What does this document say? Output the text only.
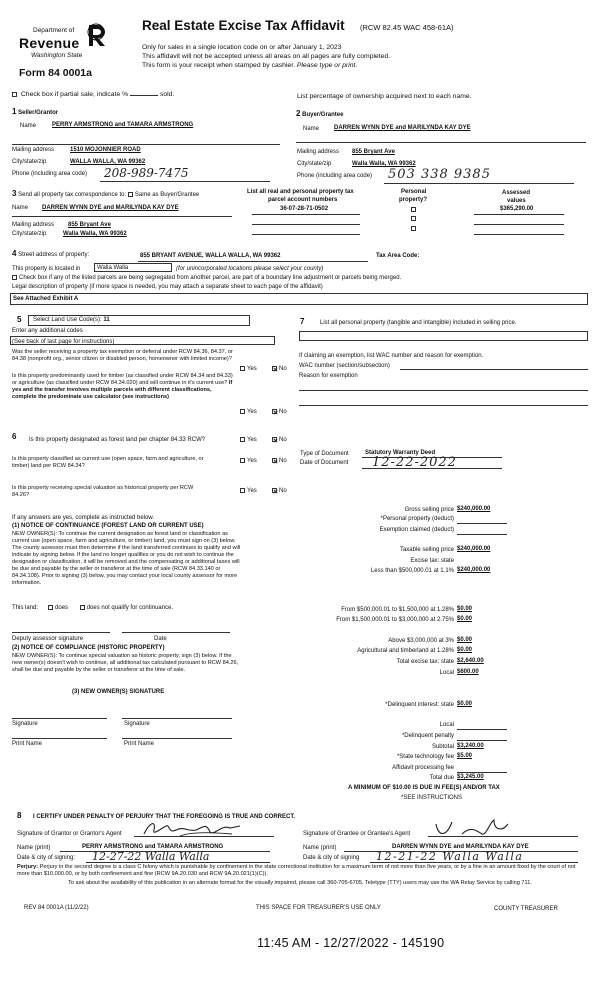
Department of
Revenue
Washington State
Form 84 0001a
Real Estate Excise Tax Affidavit (RCW 82.45 WAC 458-61A)
Only for sales in a single location code on or after January 1, 2023
This affidavit will not be accepted unless all areas on all pages are fully completed.
This form is your receipt when stamped by cashier. Please type or print.
Check box if partial sale, indicate %	sold.	List percentage of ownership acquired next to each name.
1 Seller/Grantor
Name	PERRY ARMSTRONG and TAMARA ARMSTRONG
Mailing address	1510 MOJONNIER ROAD
City/state/zip	WALLA WALLA, WA 99362
Phone (including area code) 208-989-7475
2 Buyer/Grantee
Name DARREN WYNN DYE and MARILYNDA KAY DYE
Mailing address 855 Bryant Ave
City/state/zip	Walla Walla, WA 99362
Phone (including area code) 503 338 9385
3 Send all property tax correspondence to: Same as Buyer/Grantee
Name DARREN WYNN DYE and MARILYNDA KAY DYE
Mailing address 855 Bryant Ave
City/state/zip	Walla Walla, WA 99362
List all real and personal property tax
parcel account numbers
36-07-28-71-0502
Personal
property?
Assessed
values
$365,290.00
4 Street address of property:	855 BRYANT AVENUE, WALLA WALLA, WA 99362	Tax Area Code:
This property is located in	Walla Walla	(for unincorporated locations please select your county)
Check box if any of the listed parcels are being segregated from another parcel, are part of a boundary line adjustment or parcels being merged.
Legal description of property (if more space is needed, you may attach a separate sheet to each page of the affidavit)
See Attached Exhibit A
5 Select Land Use Code(s): 11
Enter any additional codes
(See back of last page for instructions)
Was the seller receiving a property tax exemption or deferral under RCW 84.36, 84.37, or 84.38 (nonprofit org., senior citizen or disabled person, homeowner with limited income)?
Yes	No
Is this property predominantly used for timber (as classified under RCW 84.34 and 84.33) or agriculture (as classified under RCW 84.34.020) and will continue in it's current use? If yes and the transfer involves multiple parcels with different classifications, complete the predominate use calculator (see instructions)
Yes	No
7	List all personal property (tangible and intangible) included in selling price.
If claiming an exemption, list WAC number and reason for exemption.
WAC number (section/subsection)
Reason for exemption
6 Is this property designated as forest land per chapter 84.33 RCW?	Yes	No
Is this property classified as current use (open space, farm and agriculture, or timber) land per RCW 84.34?
Yes	No
Is this property receiving special valuation as historical property per RCW 84.26?
Yes	No
Type of Document	Statutory Warranty Deed
Date of Document 12-22-2022
If any answers are yes, complete as instructed below.
(1) NOTICE OF CONTINUANCE (FOREST LAND OR CURRENT USE)
NEW OWNER(S): To continue the current designation as forest land or classification as current use (open space, farm and agriculture, or timber) land, you must sign on (3) below. The county assessor must then determine if the land transferred continues to qualify and will indicate by signing below. If the land no longer qualifies or you do not wish to continue the designation or classification, it will be removed and the compensating or additional taxes will be due and payable by the seller or transferor at the time of sale (RCW 84.33.140 or 84.34.108). Prior to signing (3) below, you may contact your local county assessor for more information.
This land:	does	does not qualify for continuance.
Deputy assessor signature	Date
(2) NOTICE OF COMPLIANCE (HISTORIC PROPERTY)
NEW OWNER(S): To continue special valuation as historic property, sign (3) below. If the new owner(s) doesn't wish to continue, all additional tax calculated pursuant to RCW 84.26, shall be due and payable by the seller or transferor at the time of sale.
(3) NEW OWNER(S) SIGNATURE
Signature	Signature
Print Name	Print Name
Gross selling price $240,000.00
*Personal property (deduct)
Exemption claimed (deduct)
Taxable selling price $240,000.00
Excise tax: state
Less than $500,000.01 at 1.1% $240,000.00
From $500,000.01 to $1,500,000 at 1.28% $0.00
From $1,500,000.01 to $3,000,000 at 2.75% $0.00
Above $3,000,000 at 3% $0.00
Agricultural and timberland at 1.28% $0.00
Total excise tax: state $2,640.00
Local $600.00
*Delinquent interest: state $0.00
Local
*Delinquent penalty
Subtotal $3,240.00
*State technology fee $5.00
Affidavit processing fee
Total due $3,245.00
A MINIMUM OF $10.00 IS DUE IN FEE(S) AND/OR TAX
*SEE INSTRUCTIONS
8 I CERTIFY UNDER PENALTY OF PERJURY THAT THE FOREGOING IS TRUE AND CORRECT.
Signature of Grantor or Grantor's Agent	Signature of Grantee or Grantee's Agent
Name (print)	PERRY ARMSTRONG and TAMARA ARMSTRONG	Name (print)	DARREN WYNN DYE and MARILYNDA KAY DYE
Date & city of signing: 12-27-22 Walla Walla	Date & city of signing 12-21-22 Walla Walla
Perjury: Perjury in the second degree is a class C felony which is punishable by confinement in the state correctional institution for a maximum term of not more than five years, or by a fine in an amount fixed by the court of not more than $10,000.00, or by both confinement and fine (RCW 9A.20.030 and RCW 9A.20.021(1)(C)).
To ask about the availability of this publication in an alternate format for the visually impaired, please call 360-705-6705. Teletype (TTY) users may use the WA Relay Service by calling 711.
REV 84 0001A (11/2/22)	THIS SPACE FOR TREASURER'S USE ONLY	COUNTY TREASURER
11:45 AM - 12/27/2022 - 145190
